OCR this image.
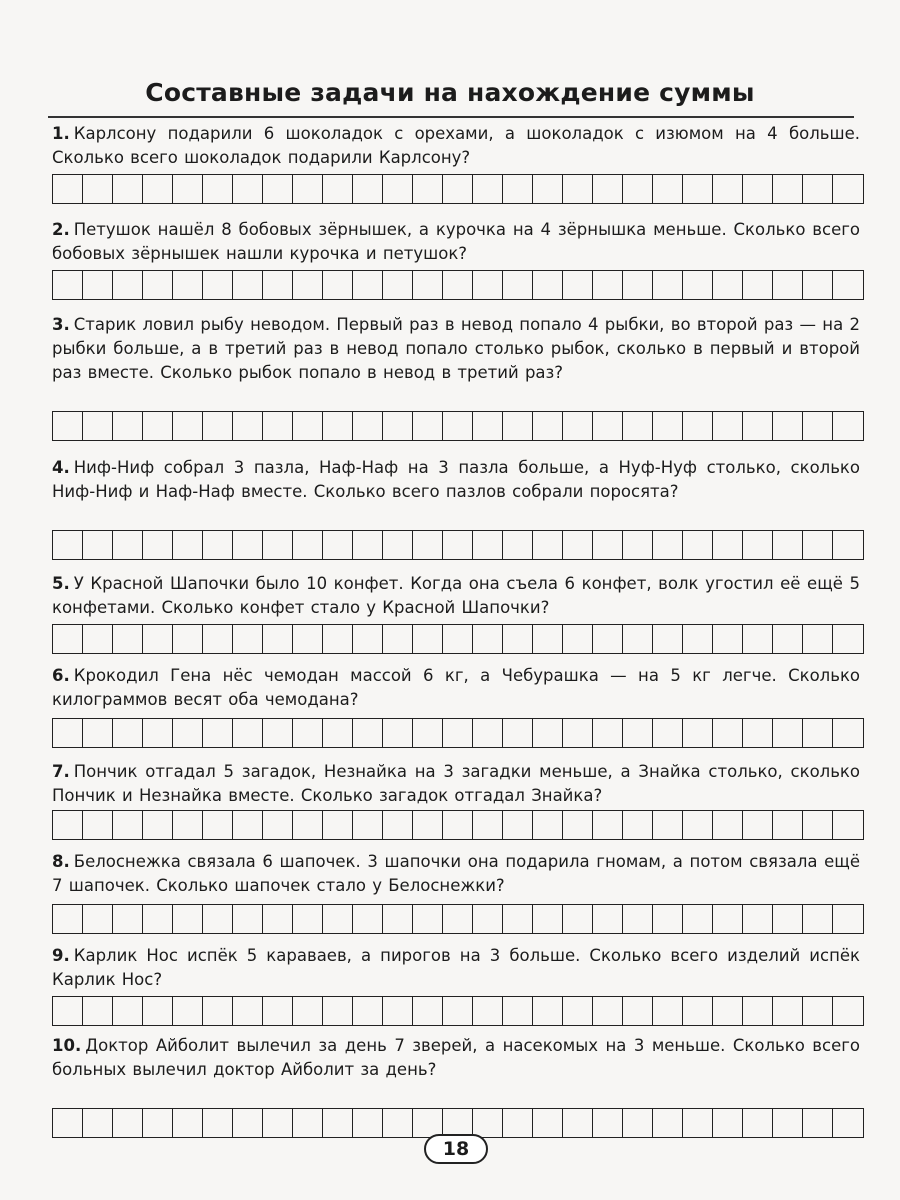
Составные задачи на нахождение суммы

1. Карлсону подарили 6 шоколадок с орехами, а шоколадок с изюмом на 4 больше. Сколько всего шоколадок подарили Карлсону?

2. Петушок нашёл 8 бобовых зёрнышек, а курочка на 4 зёрнышка меньше. Сколько всего бобовых зёрнышек нашли курочка и петушок?

3. Старик ловил рыбу неводом. Первый раз в невод попало 4 рыбки, во второй раз — на 2 рыбки больше, а в третий раз в невод попало столько рыбок, сколько в первый и второй раз вместе. Сколько рыбок попало в невод в третий раз?

4. Ниф-Ниф собрал 3 пазла, Наф-Наф на 3 пазла больше, а Нуф-Нуф столько, сколько Ниф-Ниф и Наф-Наф вместе. Сколько всего пазлов собрали поросята?

5. У Красной Шапочки было 10 конфет. Когда она съела 6 конфет, волк угостил её ещё 5 конфетами. Сколько конфет стало у Красной Шапочки?

6. Крокодил Гена нёс чемодан массой 6 кг, а Чебурашка — на 5 кг легче. Сколько килограммов весят оба чемодана?

7. Пончик отгадал 5 загадок, Незнайка на 3 загадки меньше, а Знайка столько, сколько Пончик и Незнайка вместе. Сколько загадок отгадал Знайка?

8. Белоснежка связала 6 шапочек. 3 шапочки она подарила гномам, а потом связала ещё 7 шапочек. Сколько шапочек стало у Белоснежки?

9. Карлик Нос испёк 5 караваев, а пирогов на 3 больше. Сколько всего изделий испёк Карлик Нос?

10. Доктор Айболит вылечил за день 7 зверей, а насекомых на 3 меньше. Сколько всего больных вылечил доктор Айболит за день?

18
